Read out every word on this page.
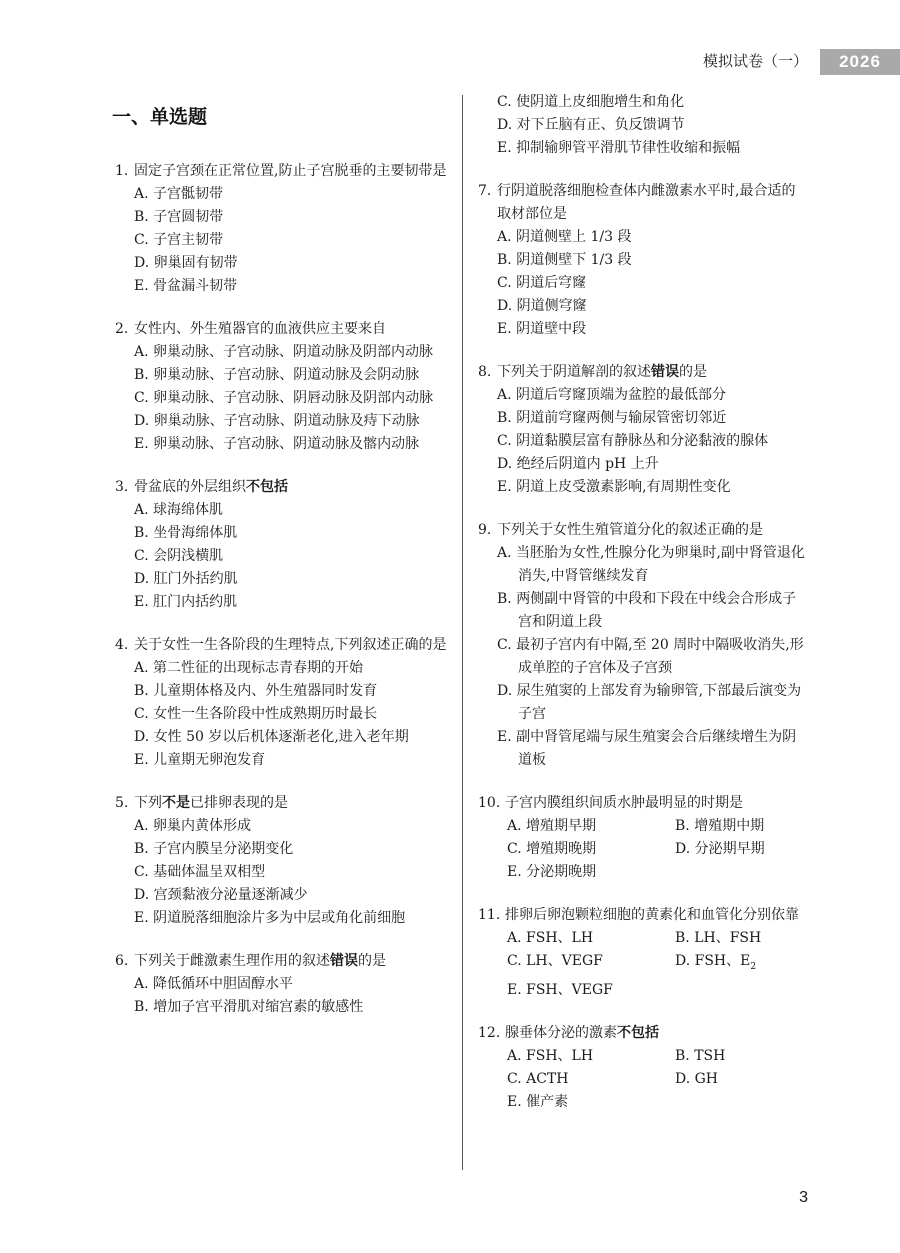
模拟试卷（一）	2026
一、单选题
1. 固定子宫颈在正常位置,防止子宫脱垂的主要韧带是
A. 子宫骶韧带
B. 子宫圆韧带
C. 子宫主韧带
D. 卵巢固有韧带
E. 骨盆漏斗韧带
2. 女性内、外生殖器官的血液供应主要来自
A. 卵巢动脉、子宫动脉、阴道动脉及阴部内动脉
B. 卵巢动脉、子宫动脉、阴道动脉及会阴动脉
C. 卵巢动脉、子宫动脉、阴唇动脉及阴部内动脉
D. 卵巢动脉、子宫动脉、阴道动脉及痔下动脉
E. 卵巢动脉、子宫动脉、阴道动脉及髂内动脉
3. 骨盆底的外层组织不包括
A. 球海绵体肌
B. 坐骨海绵体肌
C. 会阴浅横肌
D. 肛门外括约肌
E. 肛门内括约肌
4. 关于女性一生各阶段的生理特点,下列叙述正确的是
A. 第二性征的出现标志青春期的开始
B. 儿童期体格及内、外生殖器同时发育
C. 女性一生各阶段中性成熟期历时最长
D. 女性 50 岁以后机体逐渐老化,进入老年期
E. 儿童期无卵泡发育
5. 下列不是已排卵表现的是
A. 卵巢内黄体形成
B. 子宫内膜呈分泌期变化
C. 基础体温呈双相型
D. 宫颈黏液分泌量逐渐减少
E. 阴道脱落细胞涂片多为中层或角化前细胞
6. 下列关于雌激素生理作用的叙述错误的是
A. 降低循环中胆固醇水平
B. 增加子宫平滑肌对缩宫素的敏感性
C. 使阴道上皮细胞增生和角化
D. 对下丘脑有正、负反馈调节
E. 抑制输卵管平滑肌节律性收缩和振幅
7. 行阴道脱落细胞检查体内雌激素水平时,最合适的取材部位是
A. 阴道侧壁上 1/3 段
B. 阴道侧壁下 1/3 段
C. 阴道后穹窿
D. 阴道侧穹窿
E. 阴道壁中段
8. 下列关于阴道解剖的叙述错误的是
A. 阴道后穹窿顶端为盆腔的最低部分
B. 阴道前穹窿两侧与输尿管密切邻近
C. 阴道黏膜层富有静脉丛和分泌黏液的腺体
D. 绝经后阴道内 pH 上升
E. 阴道上皮受激素影响,有周期性变化
9. 下列关于女性生殖管道分化的叙述正确的是
A. 当胚胎为女性,性腺分化为卵巢时,副中肾管退化消失,中肾管继续发育
B. 两侧副中肾管的中段和下段在中线会合形成子宫和阴道上段
C. 最初子宫内有中隔,至 20 周时中隔吸收消失,形成单腔的子宫体及子宫颈
D. 尿生殖窦的上部发育为输卵管,下部最后演变为子宫
E. 副中肾管尾端与尿生殖窦会合后继续增生为阴道板
10. 子宫内膜组织间质水肿最明显的时期是
A. 增殖期早期	B. 增殖期中期
C. 增殖期晚期	D. 分泌期早期
E. 分泌期晚期
11. 排卵后卵泡颗粒细胞的黄素化和血管化分别依靠
A. FSH、LH	B. LH、FSH
C. LH、VEGF	D. FSH、$E_2$
E. FSH、VEGF
12. 腺垂体分泌的激素不包括
A. FSH、LH	B. TSH
C. ACTH	D. GH
E. 催产素
3
